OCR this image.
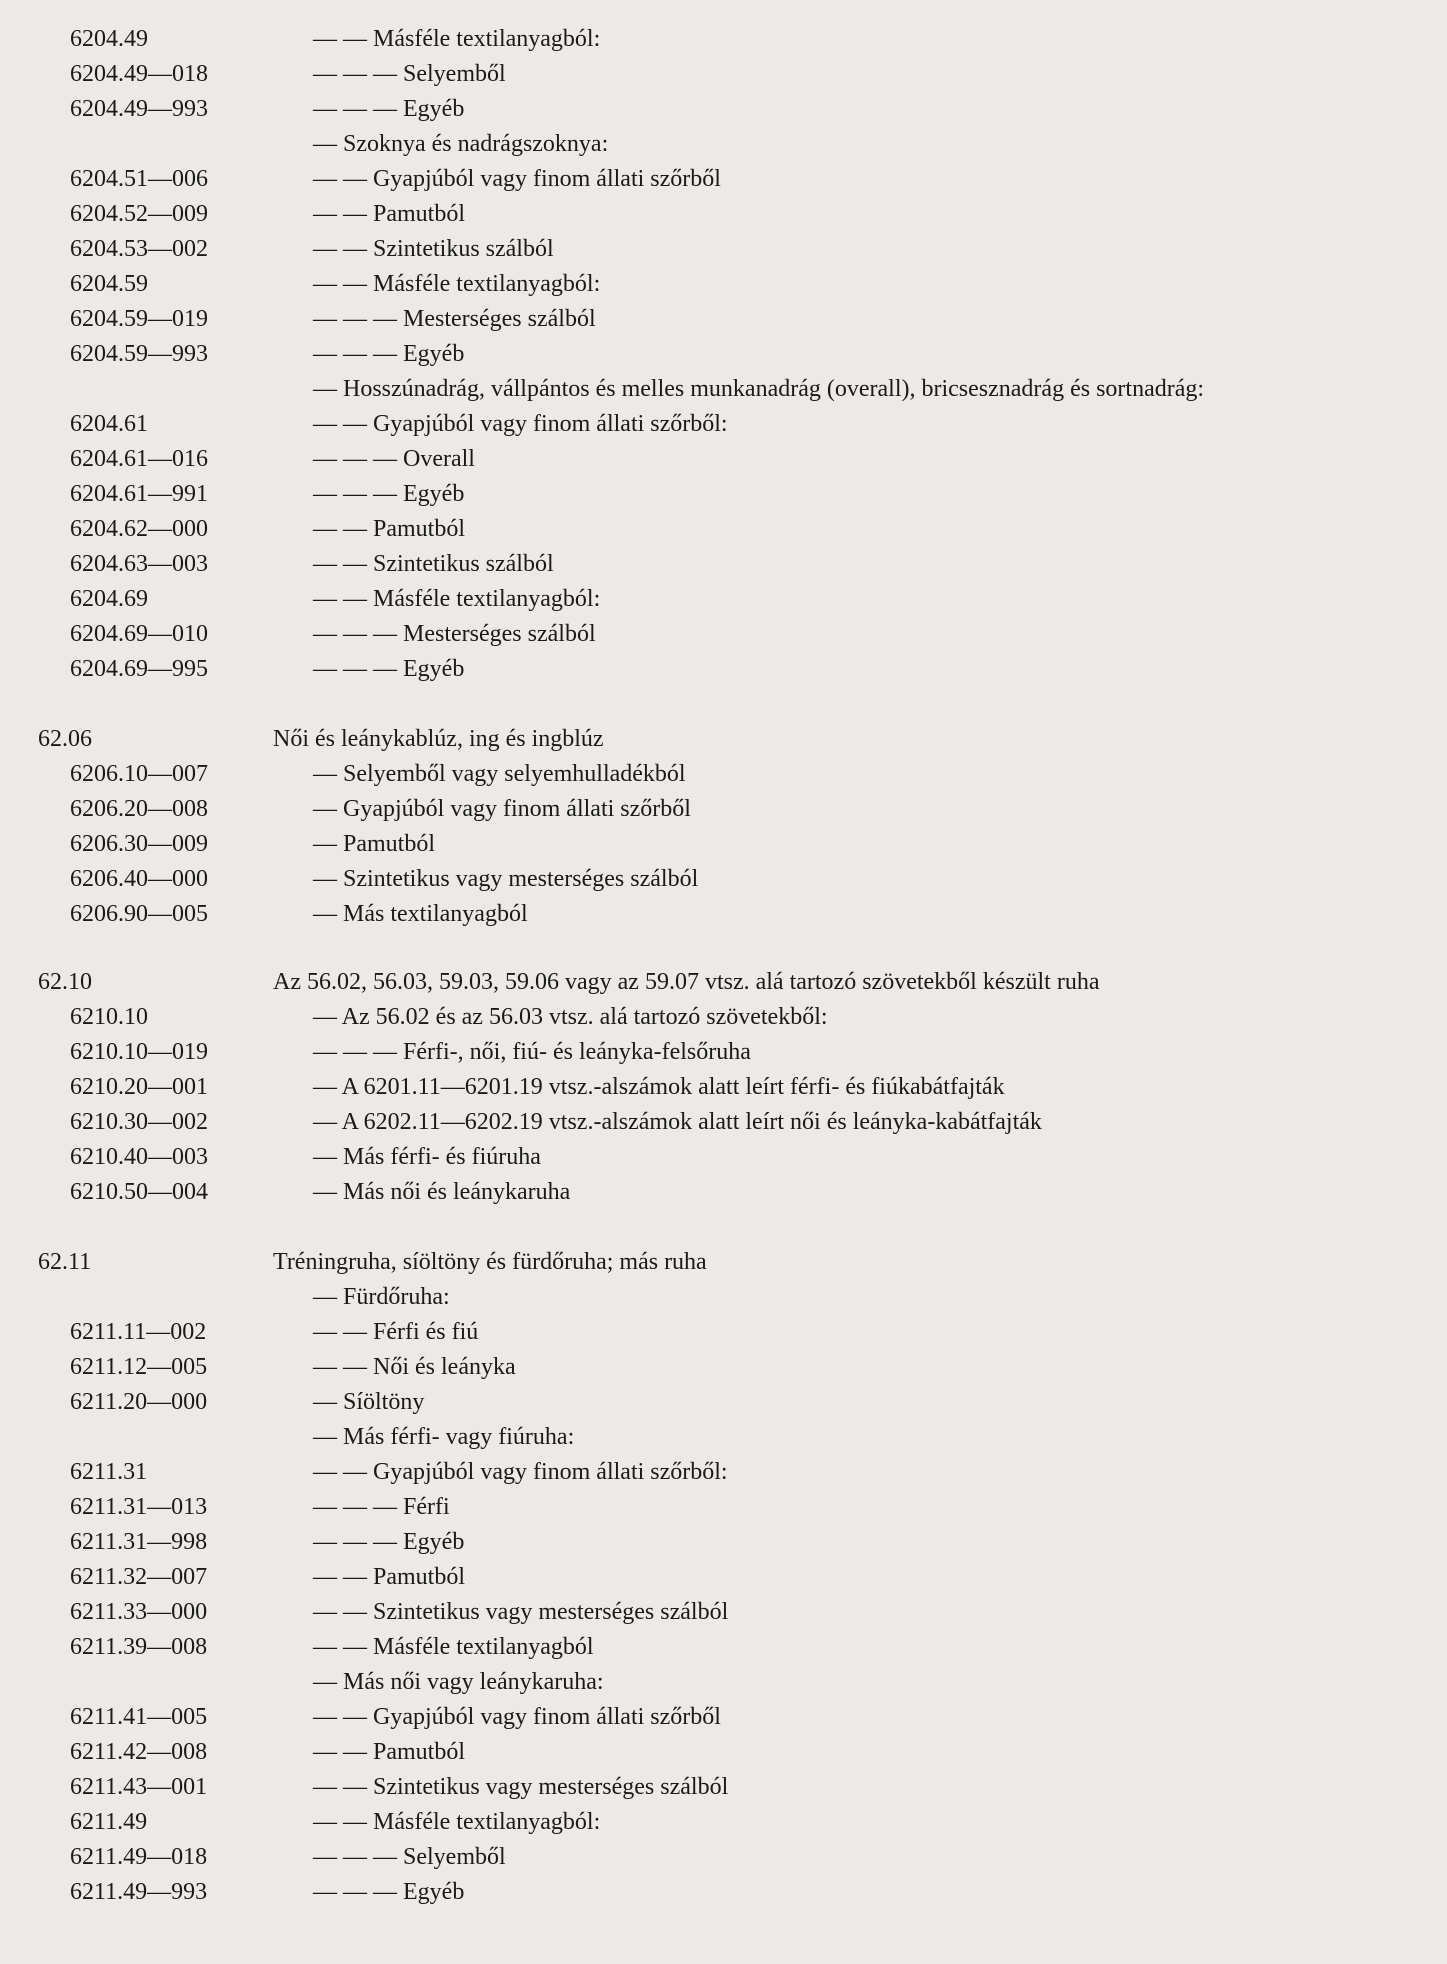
6204.49	— — Másféle textilanyagból:
6204.49—018	— — — Selyemből
6204.49—993	— — — Egyéb
— Szoknya és nadrágszoknya:
6204.51—006	— — Gyapjúból vagy finom állati szőrből
6204.52—009	— — Pamutból
6204.53—002	— — Szintetikus szálból
6204.59	— — Másféle textilanyagból:
6204.59—019	— — — Mesterséges szálból
6204.59—993	— — — Egyéb
— Hosszúnadrág, vállpántos és melles munkanadrág (overall), bricsesznadrág és sortnadrág:
6204.61	— — Gyapjúból vagy finom állati szőrből:
6204.61—016	— — — Overall
6204.61—991	— — — Egyéb
6204.62—000	— — Pamutból
6204.63—003	— — Szintetikus szálból
6204.69	— — Másféle textilanyagból:
6204.69—010	— — — Mesterséges szálból
6204.69—995	— — — Egyéb
62.06	Női és leánykablúz, ing és ingblúz
6206.10—007	— Selyemből vagy selyemhulladékból
6206.20—008	— Gyapjúból vagy finom állati szőrből
6206.30—009	— Pamutból
6206.40—000	— Szintetikus vagy mesterséges szálból
6206.90—005	— Más textilanyagból
62.10	Az 56.02, 56.03, 59.03, 59.06 vagy az 59.07 vtsz. alá tartozó szövetekből készült ruha
6210.10	— Az 56.02 és az 56.03 vtsz. alá tartozó szövetekből:
6210.10—019	— — — Férfi-, női, fiú- és leányka-felsőruha
6210.20—001	— A 6201.11—6201.19 vtsz.-alszámok alatt leírt férfi- és fiúkabátfajták
6210.30—002	— A 6202.11—6202.19 vtsz.-alszámok alatt leírt női és leányka-kabátfajták
6210.40—003	— Más férfi- és fiúruha
6210.50—004	— Más női és leánykaruha
62.11	Tréningruha, síöltöny és fürdőruha; más ruha
— Fürdőruha:
6211.11—002	— — Férfi és fiú
6211.12—005	— — Női és leányka
6211.20—000	— Síöltöny
— Más férfi- vagy fiúruha:
6211.31	— — Gyapjúból vagy finom állati szőrből:
6211.31—013	— — — Férfi
6211.31—998	— — — Egyéb
6211.32—007	— — Pamutból
6211.33—000	— — Szintetikus vagy mesterséges szálból
6211.39—008	— — Másféle textilanyagból
— Más női vagy leánykaruha:
6211.41—005	— — Gyapjúból vagy finom állati szőrből
6211.42—008	— — Pamutból
6211.43—001	— — Szintetikus vagy mesterséges szálból
6211.49	— — Másféle textilanyagból:
6211.49—018	— — — Selyemből
6211.49—993	— — — Egyéb
